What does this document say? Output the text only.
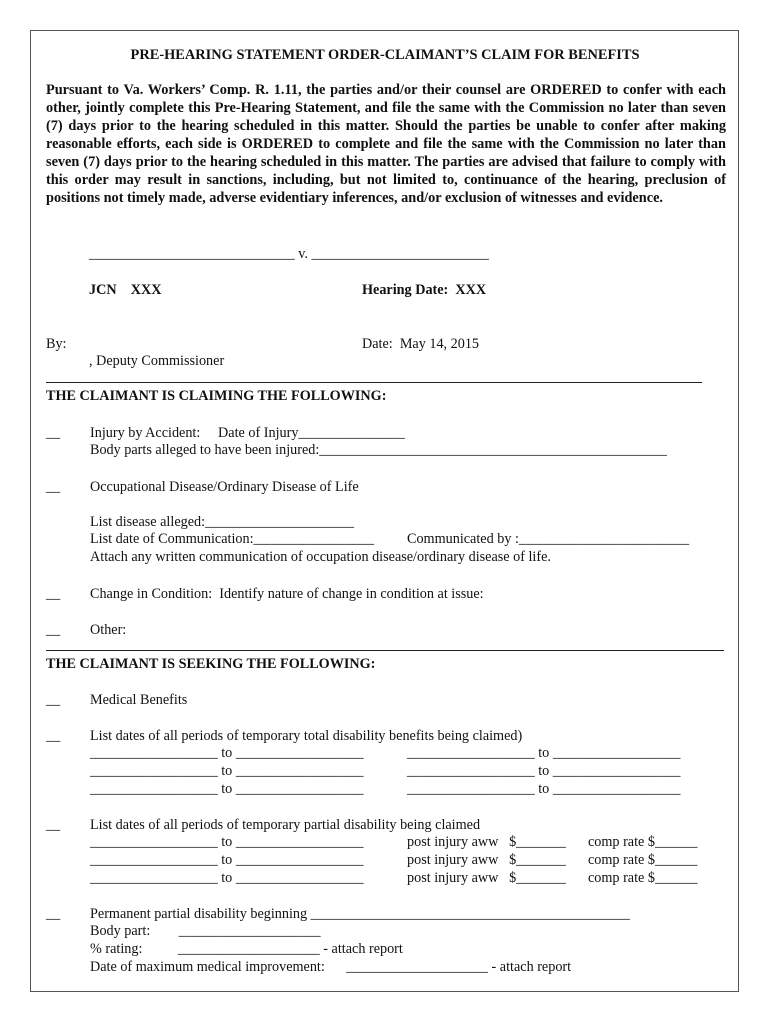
PRE-HEARING STATEMENT ORDER-CLAIMANT’S CLAIM FOR BENEFITS
Pursuant to Va. Workers’ Comp. R. 1.11, the parties and/or their counsel are ORDERED to confer with each other, jointly complete this Pre-Hearing Statement, and file the same with the Commission no later than seven (7) days prior to the hearing scheduled in this matter. Should the parties be unable to confer after making reasonable efforts, each side is ORDERED to complete and file the same with the Commission no later than seven (7) days prior to the hearing scheduled in this matter. The parties are advised that failure to comply with this order may result in sanctions, including, but not limited to, continuance of the hearing, preclusion of positions not timely made, adverse evidentiary inferences, and/or exclusion of witnesses and evidence.
_____________________________ v. _________________________
JCN    XXX	Hearing Date:  XXX
By:	Date:  May 14, 2015
, Deputy Commissioner
THE CLAIMANT IS CLAIMING THE FOLLOWING:
__ Injury by Accident:     Date of Injury_______________
Body parts alleged to have been injured:_________________________________________________
__ Occupational Disease/Ordinary Disease of Life
List disease alleged:_____________________
List date of Communication:_________________ Communicated by :________________________
Attach any written communication of occupation disease/ordinary disease of life.
__ Change in Condition:  Identify nature of change in condition at issue:
__ Other:
THE CLAIMANT IS SEEKING THE FOLLOWING:
__ Medical Benefits
__ List dates of all periods of temporary total disability benefits being claimed)
__________________ to __________________	__________________ to __________________
__________________ to __________________	__________________ to __________________
__________________ to __________________	__________________ to __________________
__ List dates of all periods of temporary partial disability being claimed
__________________ to __________________	post injury aww   $_______ comp rate $______
__________________ to __________________	post injury aww   $_______ comp rate $______
__________________ to __________________	post injury aww   $_______ comp rate $______
__ Permanent partial disability beginning _____________________________________________
Body part:        ____________________
% rating:          ____________________ - attach report
Date of maximum medical improvement:      ____________________ - attach report
